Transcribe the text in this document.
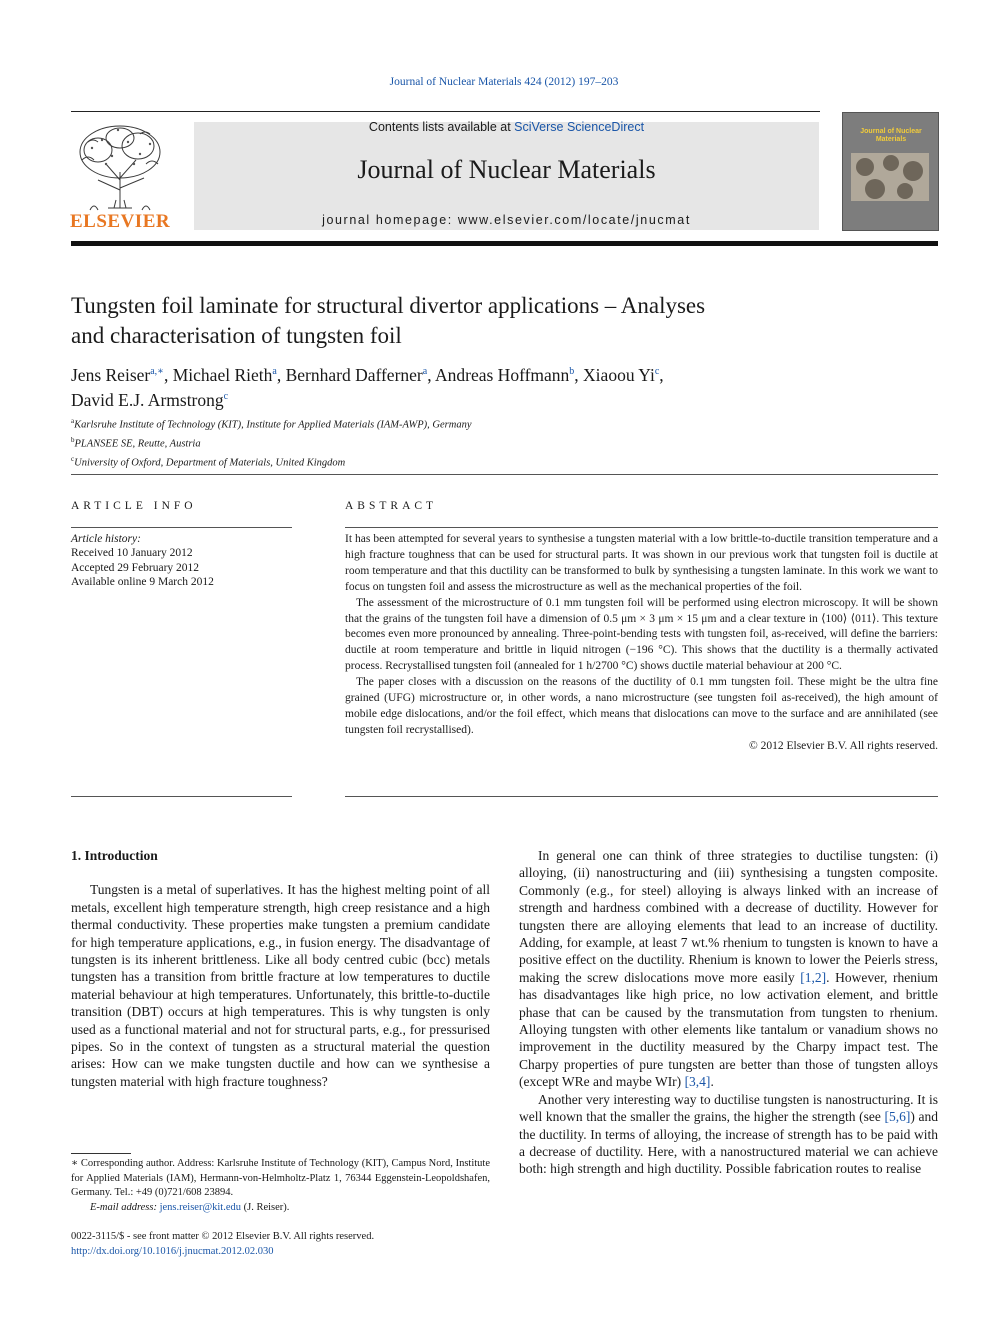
Journal of Nuclear Materials 424 (2012) 197–203
ELSEVIER
Contents lists available at SciVerse ScienceDirect
Journal of Nuclear Materials
journal homepage: www.elsevier.com/locate/jnucmat
Journal of Nuclear Materials
Tungsten foil laminate for structural divertor applications – Analyses
and characterisation of tungsten foil
Jens Reiser$^{a,∗}$, Michael Rieth$^a$, Bernhard Dafferner$^a$, Andreas Hoffmann$^b$, Xiaoou Yi$^c$,
David E.J. Armstrong$^c$
$^a$Karlsruhe Institute of Technology (KIT), Institute for Applied Materials (IAM-AWP), Germany
$^b$PLANSEE SE, Reutte, Austria
$^c$University of Oxford, Department of Materials, United Kingdom
ARTICLE INFO	ABSTRACT
Article history:
Received 10 January 2012
Accepted 29 February 2012
Available online 9 March 2012

It has been attempted for several years to synthesise a tungsten material with a low brittle-to-ductile transition temperature and a high fracture toughness that can be used for structural parts. It was shown in our previous work that tungsten foil is ductile at room temperature and that this ductility can be transformed to bulk by synthesising a tungsten laminate. In this work we want to focus on tungsten foil and assess the microstructure as well as the mechanical properties of the foil.

The assessment of the microstructure of 0.1 mm tungsten foil will be performed using electron microscopy. It will be shown that the grains of the tungsten foil have a dimension of 0.5 μm × 3 μm × 15 μm and a clear texture in ⟨100⟩ ⟨011⟩. This texture becomes even more pronounced by annealing. Three-point-bending tests with tungsten foil, as-received, will define the barriers: ductile at room temperature and brittle in liquid nitrogen (−196 °C). This shows that the ductility is a thermally activated process. Recrystallised tungsten foil (annealed for 1 h/2700 °C) shows ductile material behaviour at 200 °C.

The paper closes with a discussion on the reasons of the ductility of 0.1 mm tungsten foil. These might be the ultra fine grained (UFG) microstructure or, in other words, a nano microstructure (see tungsten foil as-received), the high amount of mobile edge dislocations, and/or the foil effect, which means that dislocations can move to the surface and are annihilated (see tungsten foil recrystallised).

© 2012 Elsevier B.V. All rights reserved.

1. Introduction

Tungsten is a metal of superlatives. It has the highest melting point of all metals, excellent high temperature strength, high creep resistance and a high thermal conductivity. These properties make tungsten a premium candidate for high temperature applications, e.g., in fusion energy. The disadvantage of tungsten is its inherent brittleness. Like all body centred cubic (bcc) metals tungsten has a transition from brittle fracture at low temperatures to ductile material behaviour at high temperatures. Unfortunately, this brittle-to-ductile transition (DBT) occurs at high temperatures. This is why tungsten is only used as a functional material and not for structural parts, e.g., for pressurised pipes. So in the context of tungsten as a structural material the question arises: How can we make tungsten ductile and how can we synthesise a tungsten material with high fracture toughness?

In general one can think of three strategies to ductilise tungsten: (i) alloying, (ii) nanostructuring and (iii) synthesising a tungsten composite. Commonly (e.g., for steel) alloying is always linked with an increase of strength and hardness combined with a decrease of ductility. However for tungsten there are alloying elements that lead to an increase of ductility. Adding, for example, at least 7 wt.% rhenium to tungsten is known to have a positive effect on the ductility. Rhenium is known to lower the Peierls stress, making the screw dislocations move more easily [1,2]. However, rhenium has disadvantages like high price, no low activation element, and brittle phase that can be caused by the transmutation from tungsten to rhenium. Alloying tungsten with other elements like tantalum or vanadium shows no improvement in the ductility measured by the Charpy impact test. The Charpy properties of pure tungsten are better than those of tungsten alloys (except WRe and maybe WIr) [3,4].

Another very interesting way to ductilise tungsten is nanostructuring. It is well known that the smaller the grains, the higher the strength (see [5,6]) and the ductility. In terms of alloying, the increase of strength has to be paid with a decrease of ductility. Here, with a nanostructured material we can achieve both: high strength and high ductility. Possible fabrication routes to realise

∗ Corresponding author. Address: Karlsruhe Institute of Technology (KIT), Campus Nord, Institute for Applied Materials (IAM), Hermann-von-Helmholtz-Platz 1, 76344 Eggenstein-Leopoldshafen, Germany. Tel.: +49 (0)721/608 23894.
E-mail address: jens.reiser@kit.edu (J. Reiser).
0022-3115/$ - see front matter © 2012 Elsevier B.V. All rights reserved.
http://dx.doi.org/10.1016/j.jnucmat.2012.02.030
